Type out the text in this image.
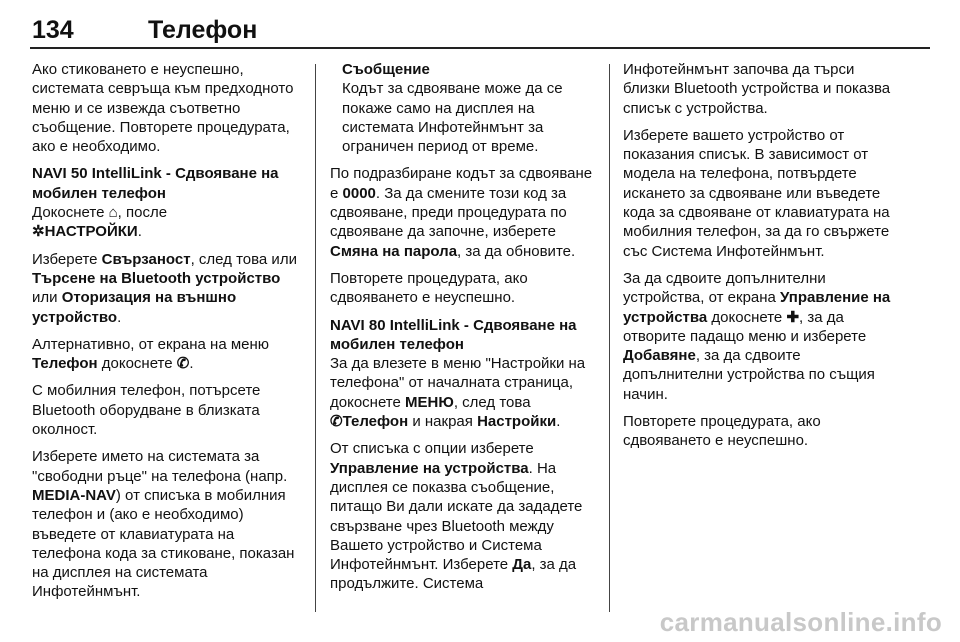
134	Телефон

Ако стиковането е неуспешно, системата севръща към предходното меню и се извежда съответно съобщение. Повторете процедурата, ако е необходимо.

NAVI 50 IntelliLink - Сдвояване на мобилен телефон

Докоснете ⌂, после
✲НАСТРОЙКИ.

Изберете Свързаност, след това или Търсене на Bluetooth устройство или Оторизация на външно устройство.

Алтернативно, от екрана на меню Телефон докоснете ✆.

С мобилния телефон, потърсете Bluetooth оборудване в близката околност.

Изберете името на системата за "свободни ръце" на телефона (напр. MEDIA-NAV) от списъка в мобилния телефон и (ако е необходимо) въведете от клавиатурата на телефона кода за стиковане, показан на дисплея на системата Инфотейнмънт.

Съобщение

Кодът за сдвояване може да се покаже само на дисплея на системата Инфотейнмънт за ограничен период от време.

По подразбиране кодът за сдвояване е 0000. За да смените този код за сдвояване, преди процедурата по сдвояване да започне, изберете Смяна на парола, за да обновите.

Повторете процедурата, ако сдвояването е неуспешно.

NAVI 80 IntelliLink - Сдвояване на мобилен телефон

За да влезете в меню "Настройки на телефона" от началната страница, докоснете МЕНЮ, след това ✆Телефон и накрая Настройки.

От списъка с опции изберете Управление на устройства. На дисплея се показва съобщение, питащо Ви дали искате да зададете свързване чрез Bluetooth между Вашето устройство и Система Инфотейнмънт. Изберете Да, за да продължите. Система

Инфотейнмънт започва да търси близки Bluetooth устройства и показва списък с устройства.

Изберете вашето устройство от показания списък. В зависимост от модела на телефона, потвърдете искането за сдвояване или въведете кода за сдвояване от клавиатурата на мобилния телефон, за да го свържете със Система Инфотейнмънт.

За да сдвоите допълнителни устройства, от екрана Управление на устройства докоснете ✚, за да отворите падащо меню и изберете Добавяне, за да сдвоите допълнителни устройства по същия начин.

Повторете процедурата, ако сдвояването е неуспешно.

carmanualsonline.info
